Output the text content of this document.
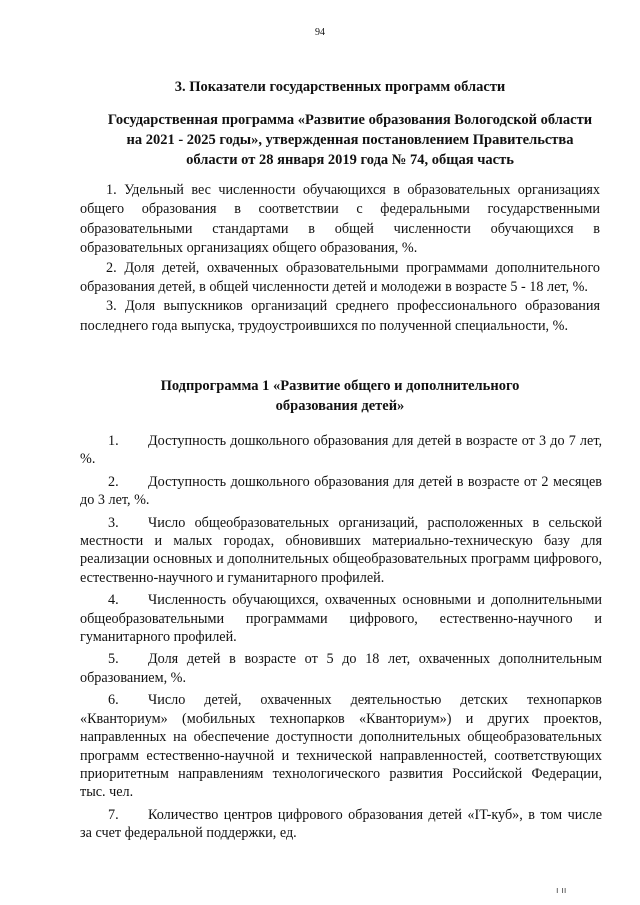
94
3. Показатели государственных программ области
Государственная программа «Развитие образования Вологодской области на 2021 - 2025 годы», утвержденная постановлением Правительства области от 28 января 2019 года № 74, общая часть

1. Удельный вес численности обучающихся в образовательных организациях общего образования в соответствии с федеральными государственными образовательными стандартами в общей численности обучающихся в образовательных организациях общего образования, %.

2. Доля детей, охваченных образовательными программами дополнительного образования детей, в общей численности детей и молодежи в возрасте 5 - 18 лет, %.

3. Доля выпускников организаций среднего профессионального образования последнего года выпуска, трудоустроившихся по полученной специальности, %.

Подпрограмма 1 «Развитие общего и дополнительного образования детей»

1. Доступность дошкольного образования для детей в возрасте от 3 до 7 лет, %.

2. Доступность дошкольного образования для детей в возрасте от 2 месяцев до 3 лет, %.

3. Число общеобразовательных организаций, расположенных в сельской местности и малых городах, обновивших материально-техническую базу для реализации основных и дополнительных общеобразовательных программ цифрового, естественно-научного и гуманитарного профилей.

4. Численность обучающихся, охваченных основными и дополнительными общеобразовательными программами цифрового, естественно-научного и гуманитарного профилей.

5. Доля детей в возрасте от 5 до 18 лет, охваченных дополнительным образованием, %.

6. Число детей, охваченных деятельностью детских технопарков «Кванториум» (мобильных технопарков «Кванториум») и других проектов, направленных на обеспечение доступности дополнительных общеобразовательных программ естественно-научной и технической направленностей, соответствующих приоритетным направлениям технологического развития Российской Федерации, тыс. чел.

7. Количество центров цифрового образования детей «IT-куб», в том числе за счет федеральной поддержки, ед.

ı ıı
